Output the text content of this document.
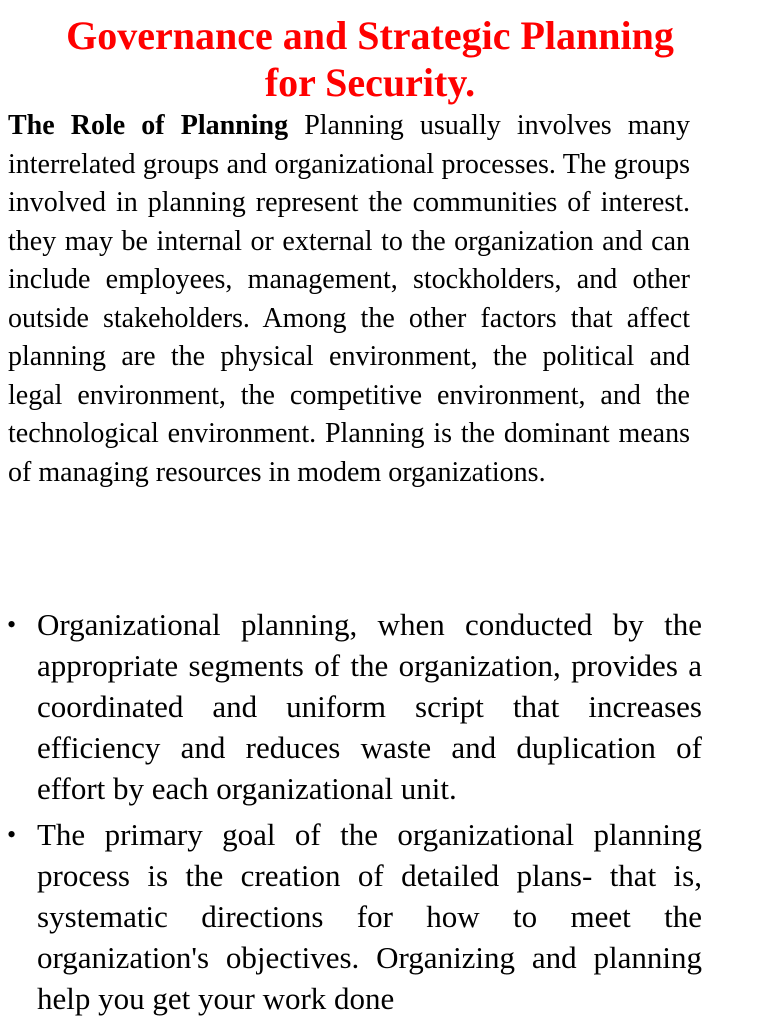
Governance and Strategic Planning
for Security.

The Role of Planning Planning usually involves many interrelated groups and organizational processes. The groups involved in planning represent the communities of interest. they may be internal or external to the organization and can include employees, management, stockholders, and other outside stakeholders. Among the other factors that affect planning are the physical environment, the political and legal environment, the competitive environment, and the technological environment. Planning is the dominant means of managing resources in modem organizations.

• Organizational planning, when conducted by the appropriate segments of the organization, provides a coordinated and uniform script that increases efficiency and reduces waste and duplication of effort by each organizational unit.
• The primary goal of the organizational planning process is the creation of detailed plans- that is, systematic directions for how to meet the organization's objectives. Organizing and planning help you get your work done
